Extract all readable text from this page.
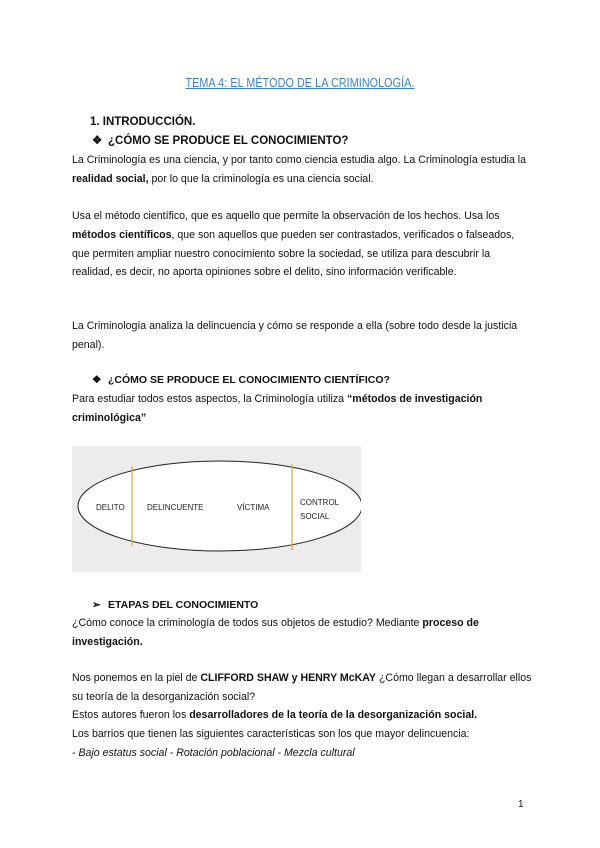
TEMA 4: EL MÉTODO DE LA CRIMINOLOGÍA.
1. INTRODUCCIÓN.
❖ ¿CÓMO SE PRODUCE EL CONOCIMIENTO?

La Criminología es una ciencia, y por tanto como ciencia estudia algo. La Criminología estudia la realidad social, por lo que la criminología es una ciencia social.

Usa el método científico, que es aquello que permite la observación de los hechos. Usa los métodos científicos, que son aquellos que pueden ser contrastados, verificados o falseados, que permiten ampliar nuestro conocimiento sobre la sociedad, se utiliza para descubrir la realidad, es decir, no aporta opiniones sobre el delito, sino información verificable.

La Criminología analiza la delincuencia y cómo se responde a ella (sobre todo desde la justicia penal).

❖ ¿CÓMO SE PRODUCE EL CONOCIMIENTO CIENTÍFICO?

Para estudiar todos estos aspectos, la Criminología utiliza “métodos de investigación criminológica”

DELITO	DELINCUENTE	VÍCTIMA
CONTROL
SOCIAL
➢ ETAPAS DEL CONOCIMIENTO

¿Cómo conoce la criminología de todos sus objetos de estudio? Mediante proceso de investigación.

Nos ponemos en la piel de CLIFFORD SHAW y HENRY McKAY ¿Cómo llegan a desarrollar ellos su teoría de la desorganización social?

Estos autores fueron los desarrolladores de la teoría de la desorganización social.
Los barrios que tienen las siguientes características son los que mayor delincuencia:
- Bajo estatus social - Rotación poblacional - Mezcla cultural

1
